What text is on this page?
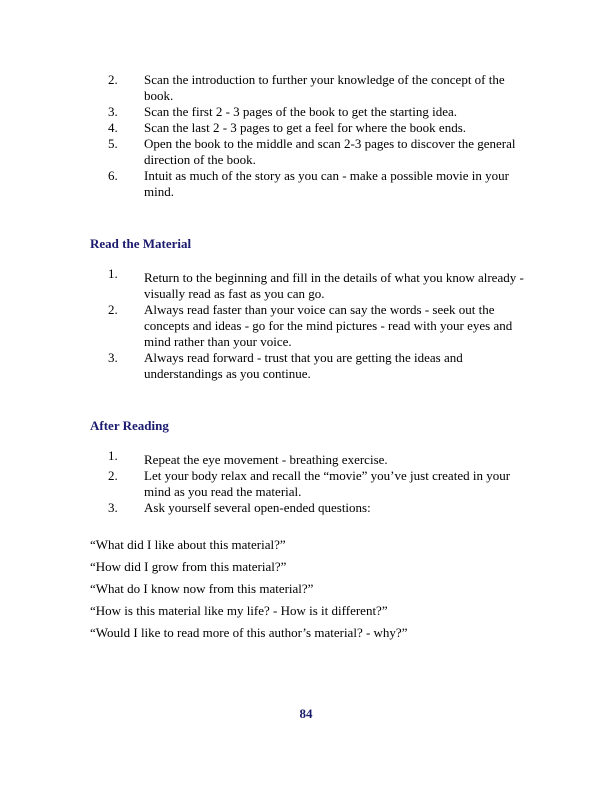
2. Scan the introduction to further your knowledge of the concept of the book.
3. Scan the first 2 - 3 pages of the book to get the starting idea.
4. Scan the last 2 - 3 pages to get a feel for where the book ends.
5. Open the book to the middle and scan 2-3 pages to discover the general direction of the book.
6. Intuit as much of the story as you can - make a possible movie in your mind.
Read the Material
1. Return to the beginning and fill in the details of what you know already - visually read as fast as you can go.
2. Always read faster than your voice can say the words - seek out the concepts and ideas - go for the mind pictures - read with your eyes and mind rather than your voice.
3. Always read forward - trust that you are getting the ideas and understandings as you continue.
After Reading
1. Repeat the eye movement - breathing exercise.
2. Let your body relax and recall the “movie” you’ve just created in your mind as you read the material.
3. Ask yourself several open-ended questions:
“What did I like about this material?”
“How did I grow from this material?”
“What do I know now from this material?”
“How is this material like my life? - How is it different?”
“Would I like to read more of this author’s material? - why?”
84
